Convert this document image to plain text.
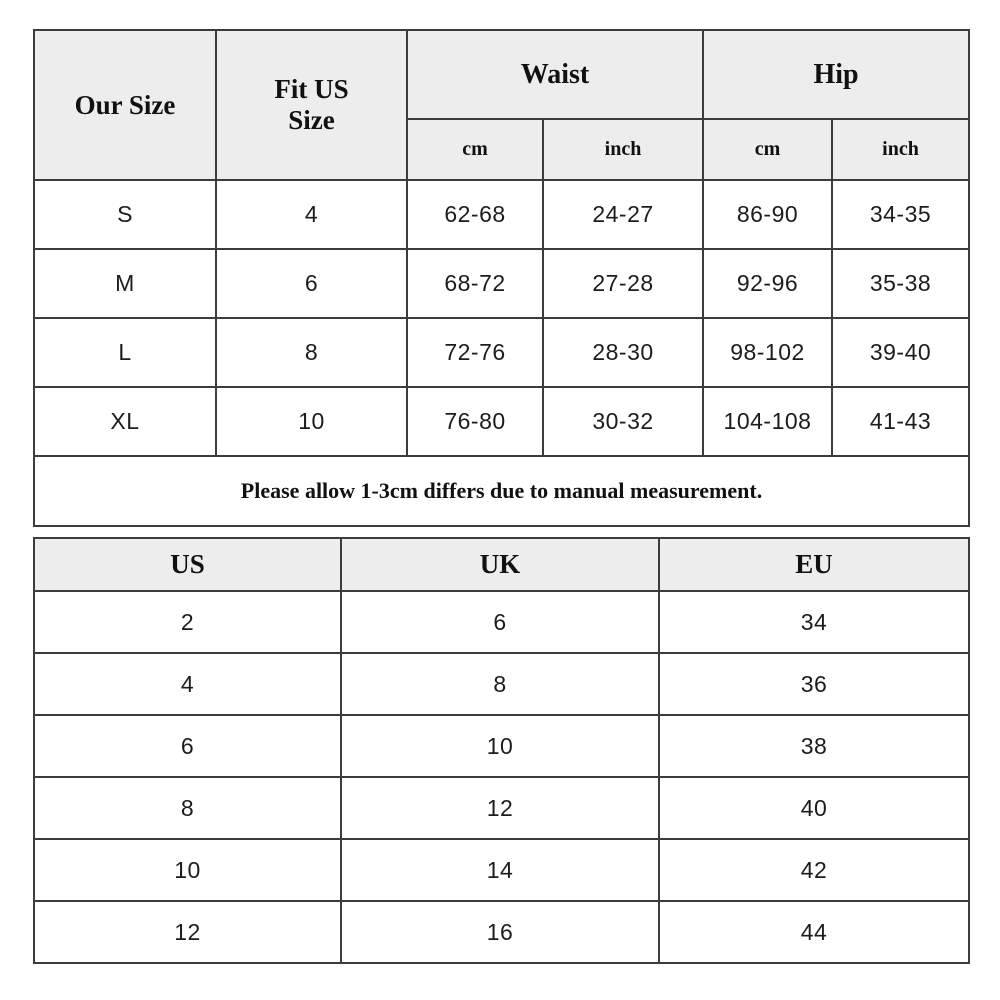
Our Size	Fit US Size	Waist		Hip	
		cm	inch	cm	inch
S	4	62-68	24-27	86-90	34-35
M	6	68-72	27-28	92-96	35-38
L	8	72-76	28-30	98-102	39-40
XL	10	76-80	30-32	104-108	41-43
Please allow 1-3cm differs due to manual measurement.					
US	UK	EU
2	6	34
4	8	36
6	10	38
8	12	40
10	14	42
12	16	44
